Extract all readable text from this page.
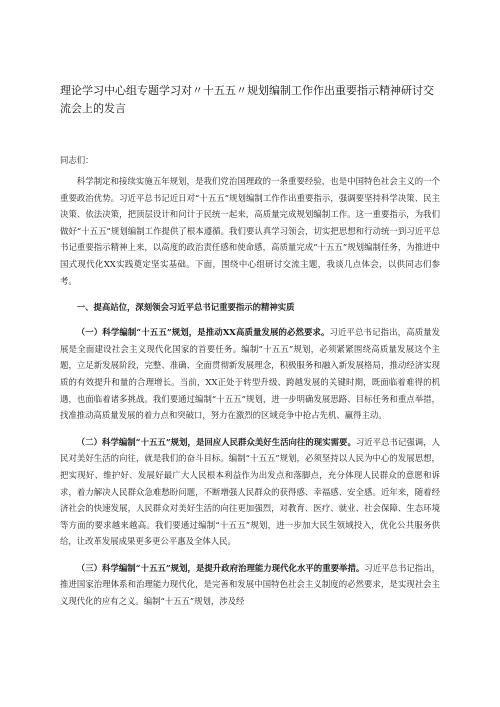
理论学习中心组专题学习对〃十五五〃规划编制工作作出重要指示精神研讨交流会上的发言

同志们：

科学制定和接续实施五年规划，是我们党治国理政的一条重要经验，也是中国特色社会主义的一个重要政治优势。习近平总书记近日对“十五五”规划编制工作作出重要指示，强调要坚持科学决策、民主决策、依法决策，把顶层设计和问计于民统一起来，高质量完成规划编制工作。这一重要指示，为我们做好“十五五”规划编制工作提供了根本遵循。我们要认真学习领会，切实把思想和行动统一到习近平总书记重要指示精神上来，以高度的政治责任感和使命感，高质量完成“十五五”规划编制任务，为推进中国式现代化XX实践奠定坚实基础。下面，围绕中心组研讨交流主题，我谈几点体会，以供同志们参考。

一、提高站位，深刻领会习近平总书记重要指示的精神实质

（一）科学编制“十五五”规划，是推动XX高质量发展的必然要求。习近平总书记指出，高质量发展是全面建设社会主义现代化国家的首要任务。编制“十五五”规划，必须紧紧围绕高质量发展这个主题，立足新发展阶段，完整、准确、全面贯彻新发展理念，积极服务和融入新发展格局，推动经济实现质的有效提升和量的合理增长。当前，XX正处于转型升级、跨越发展的关键时期，既面临着难得的机遇，也面临着诸多挑战。我们要通过编制“十五五”规划，进一步明确发展思路、目标任务和重点举措，找准推动高质量发展的着力点和突破口，努力在激烈的区域竞争中抢占先机、赢得主动。

（二）科学编制“十五五”规划，是回应人民群众美好生活向往的现实需要。习近平总书记强调，人民对美好生活的向往，就是我们的奋斗目标。编制“十五五”规划，必须坚持以人民为中心的发展思想，把实现好、维护好、发展好最广大人民根本利益作为出发点和落脚点，充分体现人民群众的意愿和诉求，着力解决人民群众急难愁盼问题，不断增强人民群众的获得感、幸福感、安全感。近年来，随着经济社会的快速发展，人民群众对美好生活的向往更加强烈，对教育、医疗、就业、社会保障、生态环境等方面的要求越来越高。我们要通过编制“十五五”规划，进一步加大民生领域投入，优化公共服务供给，让改革发展成果更多更公平惠及全体人民。

（三）科学编制“十五五”规划，是提升政府治理能力现代化水平的重要举措。习近平总书记指出，推进国家治理体系和治理能力现代化，是完善和发展中国特色社会主义制度的必然要求，是实现社会主义现代化的应有之义。编制“十五五”规划，涉及经
